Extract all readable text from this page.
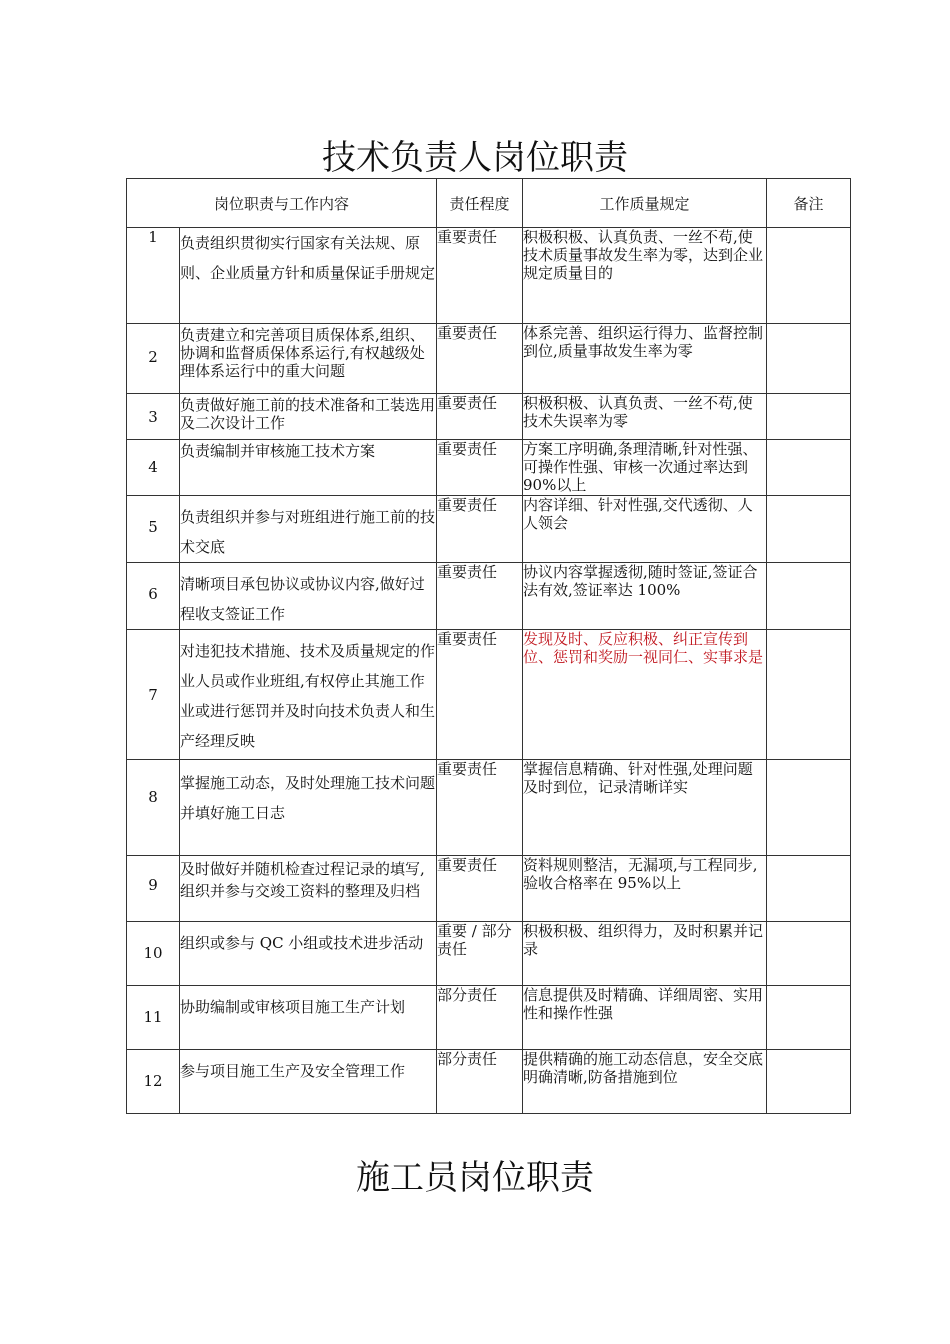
技术负责人岗位职责
岗位职责与工作内容		责任程度	工作质量规定	备注
1	负责组织贯彻实行国家有关法规、原则、企业质量方针和质量保证手册规定	重要责任	积极积极、认真负责、一丝不苟,使技术质量事故发生率为零，达到企业规定质量目的	
2	负责建立和完善项目质保体系,组织、协调和监督质保体系运行,有权越级处理体系运行中的重大问题	重要责任	体系完善、组织运行得力、监督控制到位,质量事故发生率为零	
3	负责做好施工前的技术准备和工装选用及二次设计工作	重要责任	积极积极、认真负责、一丝不苟,使技术失误率为零	
4	负责编制并审核施工技术方案	重要责任	方案工序明确,条理清晰,针对性强、可操作性强、审核一次通过率达到 90%以上	
5	负责组织并参与对班组进行施工前的技术交底	重要责任	内容详细、针对性强,交代透彻、人人领会	
6	清晰项目承包协议或协议内容,做好过程收支签证工作	重要责任	协议内容掌握透彻,随时签证,签证合法有效,签证率达 100%	
7	对违犯技术措施、技术及质量规定的作业人员或作业班组,有权停止其施工作业或进行惩罚并及时向技术负责人和生产经理反映	重要责任	发现及时、反应积极、纠正宣传到位、惩罚和奖励一视同仁、实事求是	
8	掌握施工动态，及时处理施工技术问题并填好施工日志	重要责任	掌握信息精确、针对性强,处理问题及时到位，记录清晰详实	
9	及时做好并随机检查过程记录的填写,组织并参与交竣工资料的整理及归档	重要责任	资料规则整洁，无漏项,与工程同步,验收合格率在 95%以上	
10	组织或参与 QC 小组或技术进步活动	重要 / 部分责任	积极积极、组织得力，及时积累并记录	
11	协助编制或审核项目施工生产计划	部分责任	信息提供及时精确、详细周密、实用性和操作性强	
12	参与项目施工生产及安全管理工作	部分责任	提供精确的施工动态信息，安全交底明确清晰,防备措施到位	
施工员岗位职责
